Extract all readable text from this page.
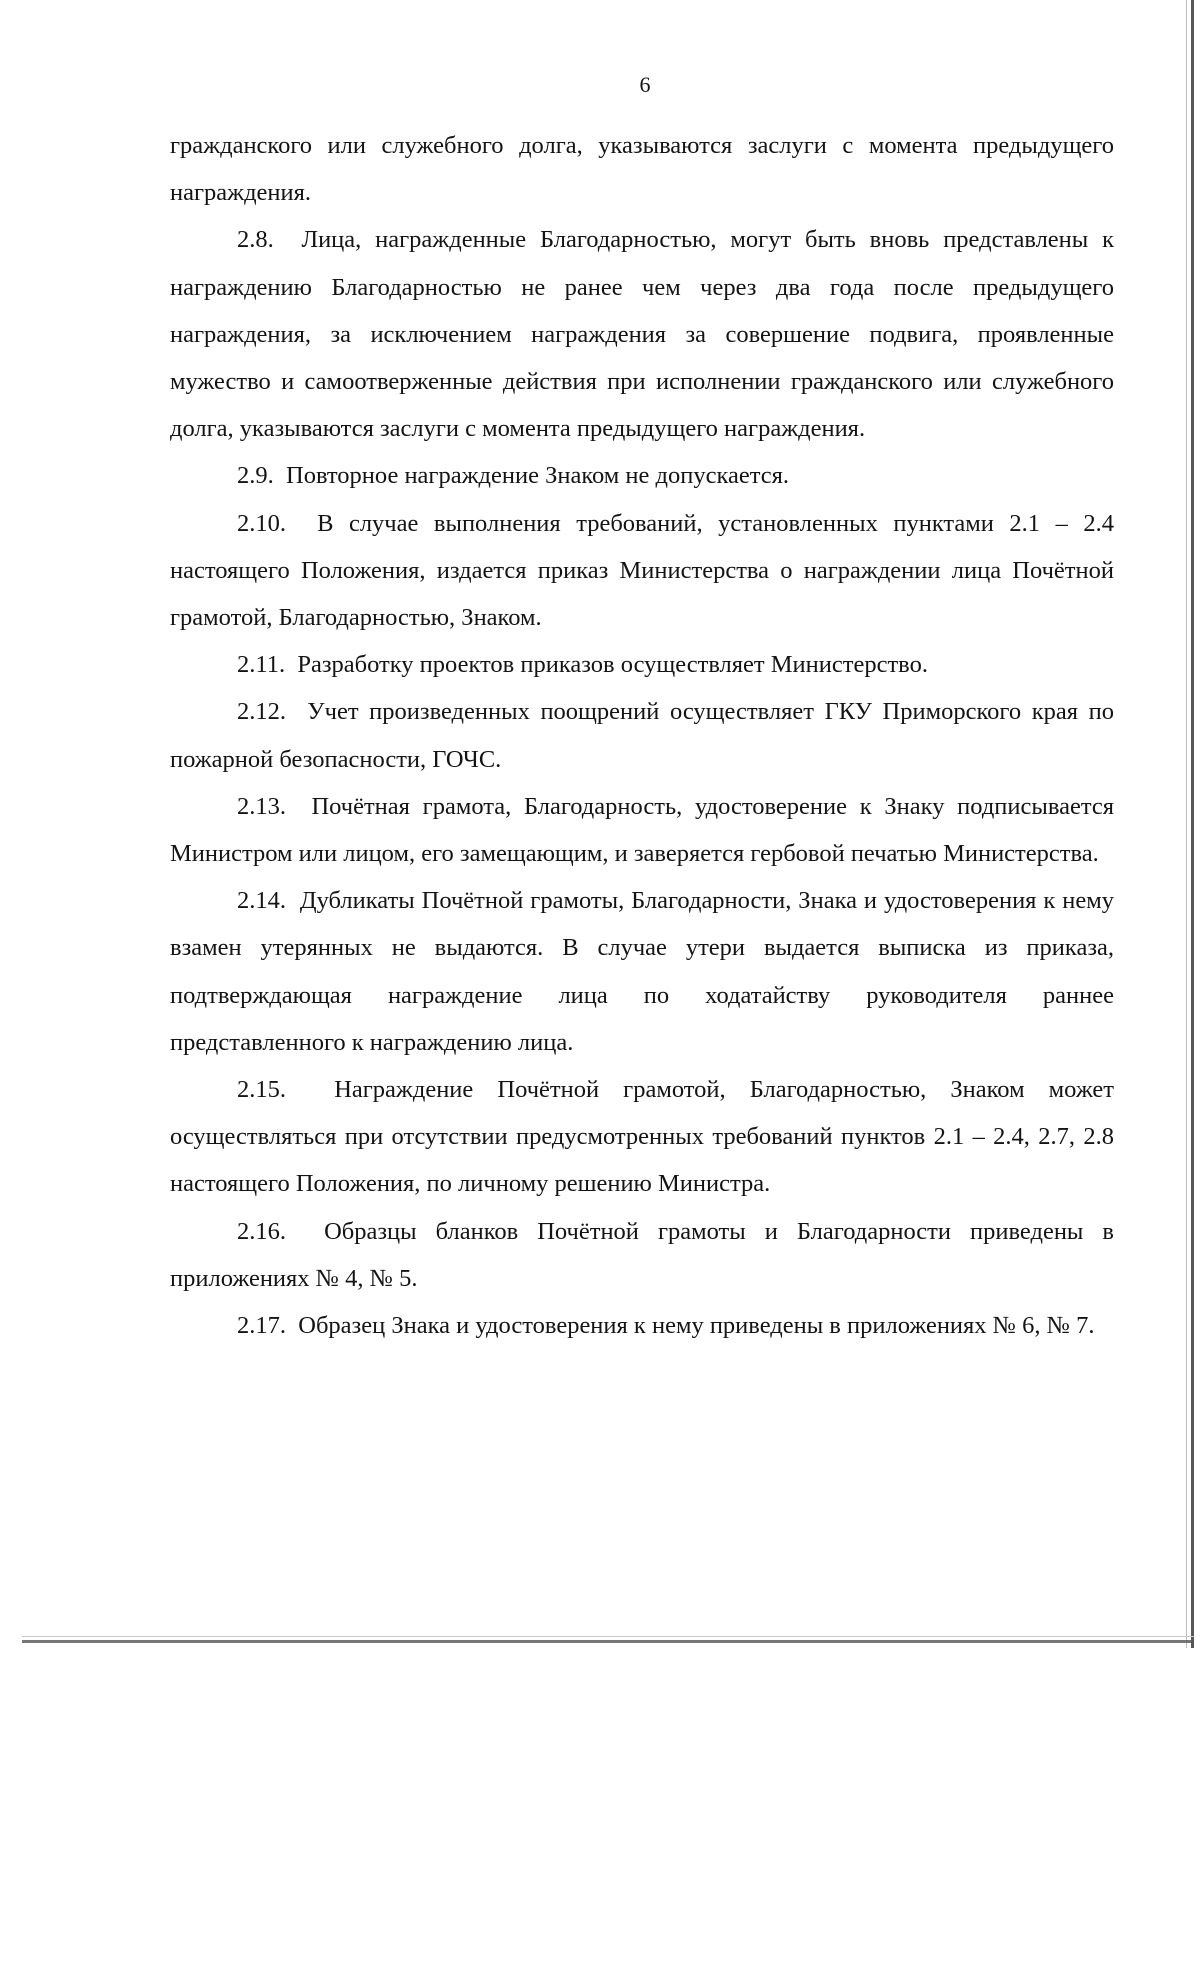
6

гражданского или служебного долга, указываются заслуги с момента предыдущего награждения.

2.8. Лица, награжденные Благодарностью, могут быть вновь представлены к награждению Благодарностью не ранее чем через два года после предыдущего награждения, за исключением награждения за совершение подвига, проявленные мужество и самоотверженные действия при исполнении гражданского или служебного долга, указываются заслуги с момента предыдущего награждения.

2.9. Повторное награждение Знаком не допускается.

2.10. В случае выполнения требований, установленных пунктами 2.1 – 2.4 настоящего Положения, издается приказ Министерства о награждении лица Почётной грамотой, Благодарностью, Знаком.

2.11. Разработку проектов приказов осуществляет Министерство.

2.12. Учет произведенных поощрений осуществляет ГКУ Приморского края по пожарной безопасности, ГОЧС.

2.13. Почётная грамота, Благодарность, удостоверение к Знаку подписывается Министром или лицом, его замещающим, и заверяется гербовой печатью Министерства.

2.14. Дубликаты Почётной грамоты, Благодарности, Знака и удостоверения к нему взамен утерянных не выдаются. В случае утери выдается выписка из приказа, подтверждающая награждение лица по ходатайству руководителя раннее представленного к награждению лица.

2.15. Награждение Почётной грамотой, Благодарностью, Знаком может осуществляться при отсутствии предусмотренных требований пунктов 2.1 – 2.4, 2.7, 2.8 настоящего Положения, по личному решению Министра.

2.16. Образцы бланков Почётной грамоты и Благодарности приведены в приложениях № 4, № 5.

2.17. Образец Знака и удостоверения к нему приведены в приложениях № 6, № 7.
